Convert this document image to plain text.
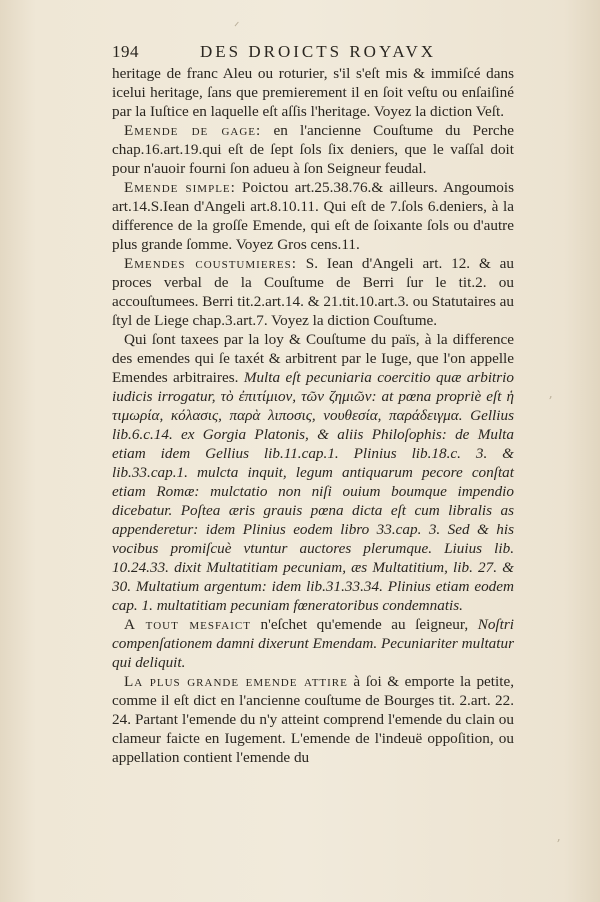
ᐟ
ʼ
ʼ
194	DES DROICTS ROYAVX

heritage de franc Aleu ou roturier, s'il s'eſt mis & immiſcé dans icelui heritage, ſans que premierement il en ſoit veſtu ou enſaiſiné par la Iuſtice en laquelle eſt aſſis l'heritage. Voyez la diction Veſt.

Emende de gage: en l'ancienne Couſtume du Perche chap.16.art.19.qui eſt de ſept ſols ſix deniers, que le vaſſal doit pour n'auoir fourni ſon adueu à ſon Seigneur feudal.

Emende ſimple: Poictou art.25.38.76.& ailleurs. Angoumois art.14.S.Iean d'Angeli art.8.10.11. Qui eſt de 7.ſols 6.deniers, à la difference de la groſſe Emende, qui eſt de ſoixante ſols ou d'autre plus grande ſomme. Voyez Gros cens.11.

Emendes couſtumieres: S. Iean d'Angeli art. 12. & au proces verbal de la Couſtume de Berri ſur le tit.2. ou accouſtumees. Berri tit.2.art.14. & 21.tit.10.art.3. ou Statutaires au ſtyl de Liege chap.3.art.7. Voyez la diction Couſtume.

Qui ſont taxees par la loy & Couſtume du païs, à la difference des emendes qui ſe taxét & arbitrent par le Iuge, que l'on appelle Emendes arbitraires. Multa eſt pecuniaria coercitio quæ arbitrio iudicis irrogatur, τὸ ἐπιτίμιον, τῶν ζημιῶν: at pœna propriè eſt ἡ τιμωρία, κόλασις, παρὰ λιποσις, νουθεσία, παράδειγμα. Gellius lib.6.c.14. ex Gorgia Platonis, & aliis Philoſophis: de Multa etiam idem Gellius lib.11.cap.1. Plinius lib.18.c. 3. & lib.33.cap.1. mulcta inquit, legum antiquarum pecore conſtat etiam Romæ: mulctatio non niſi ouium boumque impendio dicebatur. Poſtea æris grauis pœna dicta eſt cum libralis as appenderetur: idem Plinius eodem libro 33.cap. 3. Sed & his vocibus promiſcuè vtuntur auctores plerumque. Liuius lib. 10.24.33. dixit Multatitiam pecuniam, æs Multatitium, lib. 27. & 30. Multatium argentum: idem lib.31.33.34. Plinius etiam eodem cap. 1. multatitiam pecuniam fœneratoribus condemnatis.

A tout meſfaict n'eſchet qu'emende au ſeigneur, Noſtri compenſationem damni dixerunt Emendam. Pecuniariter multatur qui deliquit.

La plus grande emende attire à ſoi & emporte la petite, comme il eſt dict en l'ancienne couſtume de Bourges tit. 2.art. 22. 24. Partant l'emende du n'y atteint comprend l'emende du clain ou clameur faicte en Iugement. L'emende de l'indeuë oppoſition, ou appellation contient l'emende du
